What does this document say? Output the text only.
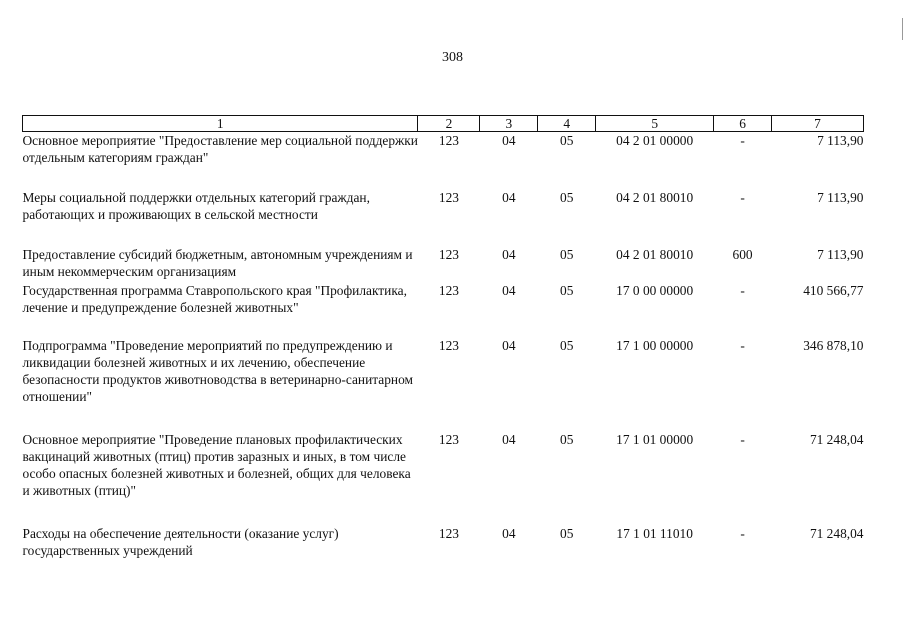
308
1	2	3	4	5	6	7
Основное мероприятие "Предоставление мер социальной поддержки отдельным категориям граждан"	123	04	05	04 2 01 00000	-	7 113,90
Меры социальной поддержки отдельных категорий граждан, работающих и проживающих в сельской местности	123	04	05	04 2 01 80010	-	7 113,90
Предоставление субсидий бюджетным, автономным учреждениям и иным некоммерческим организациям	123	04	05	04 2 01 80010	600	7 113,90
Государственная программа Ставропольского края "Профилактика, лечение и предупреждение болезней животных"	123	04	05	17 0 00 00000	-	410 566,77
Подпрограмма "Проведение мероприятий по предупреждению и ликвидации болезней животных и их лечению, обеспечение безопасности продуктов животноводства в ветеринарно-санитарном отношении"	123	04	05	17 1 00 00000	-	346 878,10
Основное мероприятие "Проведение плановых профилактических вакцинаций животных (птиц) против заразных и иных, в том числе особо опасных болезней животных и болезней, общих для человека и животных (птиц)"	123	04	05	17 1 01 00000	-	71 248,04
Расходы на обеспечение деятельности (оказание услуг) государственных учреждений	123	04	05	17 1 01 11010	-	71 248,04
